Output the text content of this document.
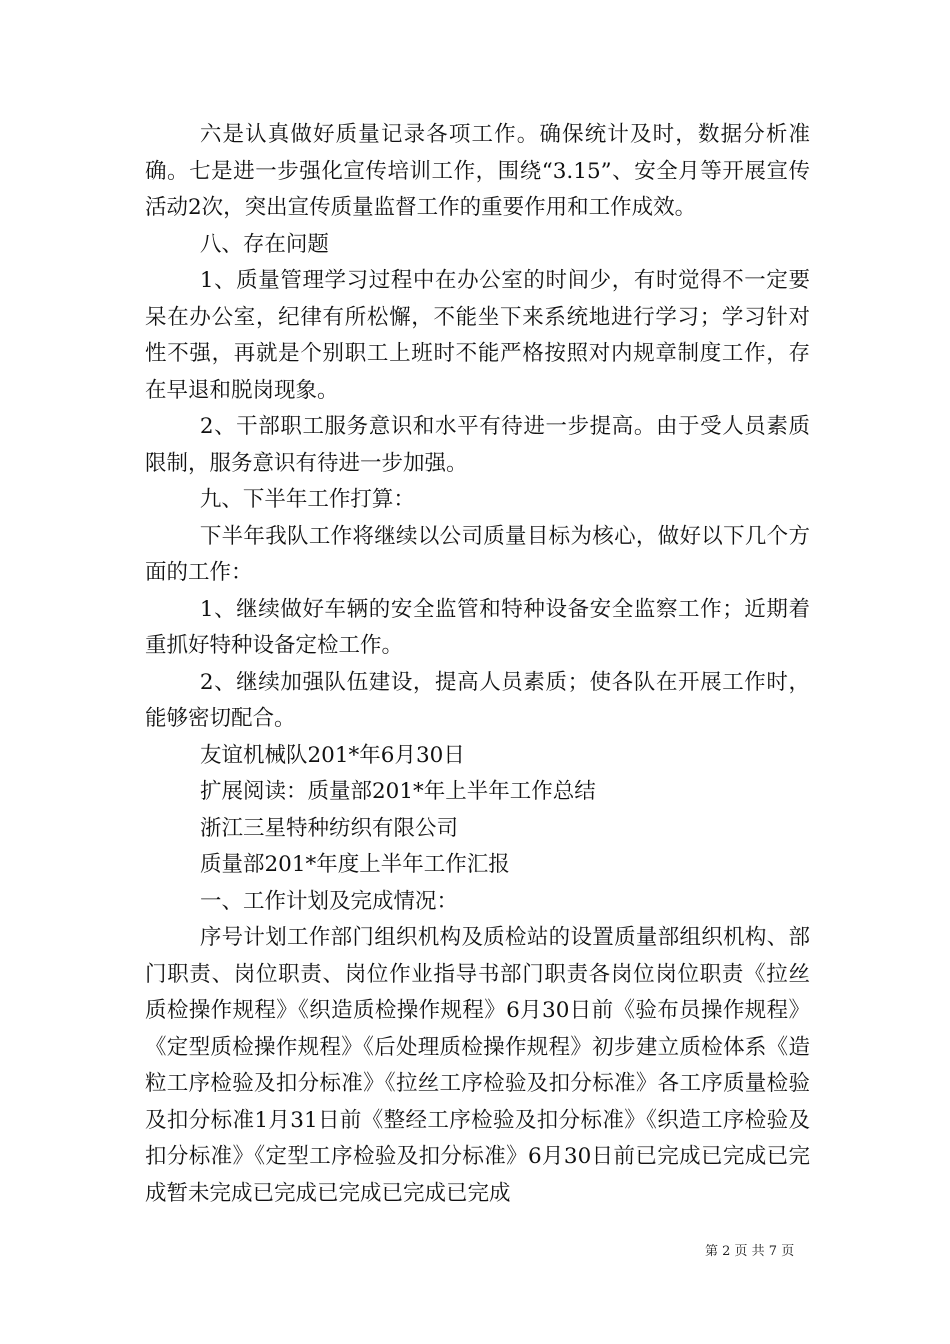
六是认真做好质量记录各项工作。确保统计及时，数据分析准确。七是进一步强化宣传培训工作，围绕“3.15”、安全月等开展宣传活动2次，突出宣传质量监督工作的重要作用和工作成效。

八、存在问题

1、质量管理学习过程中在办公室的时间少，有时觉得不一定要呆在办公室，纪律有所松懈，不能坐下来系统地进行学习；学习针对性不强，再就是个别职工上班时不能严格按照对内规章制度工作，存在早退和脱岗现象。

2、干部职工服务意识和水平有待进一步提高。由于受人员素质限制，服务意识有待进一步加强。

九、下半年工作打算：

下半年我队工作将继续以公司质量目标为核心，做好以下几个方面的工作：

1、继续做好车辆的安全监管和特种设备安全监察工作；近期着重抓好特种设备定检工作。

2、继续加强队伍建设，提高人员素质；使各队在开展工作时，能够密切配合。

友谊机械队201*年6月30日

扩展阅读：质量部201*年上半年工作总结

浙江三星特种纺织有限公司

质量部201*年度上半年工作汇报

一、工作计划及完成情况：

序号计划工作部门组织机构及质检站的设置质量部组织机构、部门职责、岗位职责、岗位作业指导书部门职责各岗位岗位职责《拉丝质检操作规程》《织造质检操作规程》6月30日前《验布员操作规程》《定型质检操作规程》《后处理质检操作规程》初步建立质检体系《造粒工序检验及扣分标准》《拉丝工序检验及扣分标准》各工序质量检验及扣分标准1月31日前《整经工序检验及扣分标准》《织造工序检验及扣分标准》《定型工序检验及扣分标准》6月30日前已完成已完成已完成暂未完成已完成已完成已完成已完成

第 2 页 共 7 页
